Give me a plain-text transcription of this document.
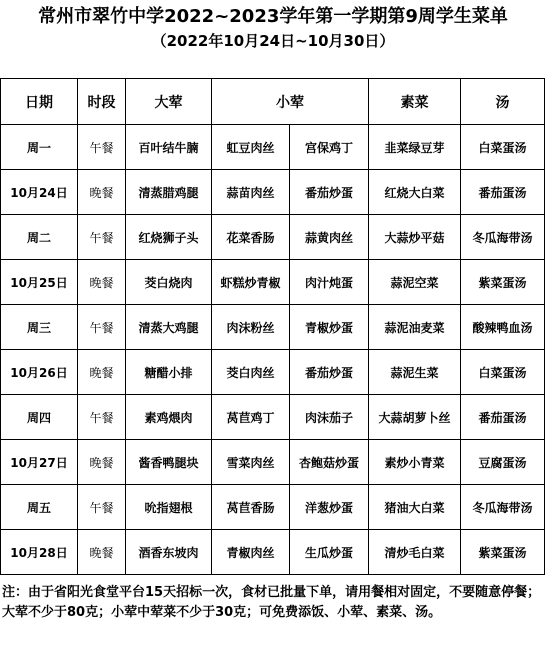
常州市翠竹中学2022~2023学年第一学期第9周学生菜单
（2022年10月24日~10月30日）
日期	时段	大荤	小荤		素菜	汤
周一	午餐	百叶结牛腩	虹豆肉丝	宫保鸡丁	韭菜绿豆芽	白菜蛋汤
10月24日	晚餐	清蒸腊鸡腿	蒜苗肉丝	番茄炒蛋	红烧大白菜	番茄蛋汤
周二	午餐	红烧狮子头	花菜香肠	蒜黄肉丝	大蒜炒平菇	冬瓜海带汤
10月25日	晚餐	茭白烧肉	虾糕炒青椒	肉汁炖蛋	蒜泥空菜	紫菜蛋汤
周三	午餐	清蒸大鸡腿	肉沫粉丝	青椒炒蛋	蒜泥油麦菜	酸辣鸭血汤
10月26日	晚餐	糖醋小排	茭白肉丝	番茄炒蛋	蒜泥生菜	白菜蛋汤
周四	午餐	素鸡煨肉	莴苣鸡丁	肉沫茄子	大蒜胡萝卜丝	番茄蛋汤
10月27日	晚餐	酱香鸭腿块	雪菜肉丝	杏鲍菇炒蛋	素炒小青菜	豆腐蛋汤
周五	午餐	吮指翅根	莴苣香肠	洋葱炒蛋	猪油大白菜	冬瓜海带汤
10月28日	晚餐	酒香东坡肉	青椒肉丝	生瓜炒蛋	清炒毛白菜	紫菜蛋汤
注：由于省阳光食堂平台15天招标一次，食材已批量下单，请用餐相对固定，不要随意停餐；大荤不少于80克；小荤中荤菜不少于30克；可免费添饭、小荤、素菜、汤。
